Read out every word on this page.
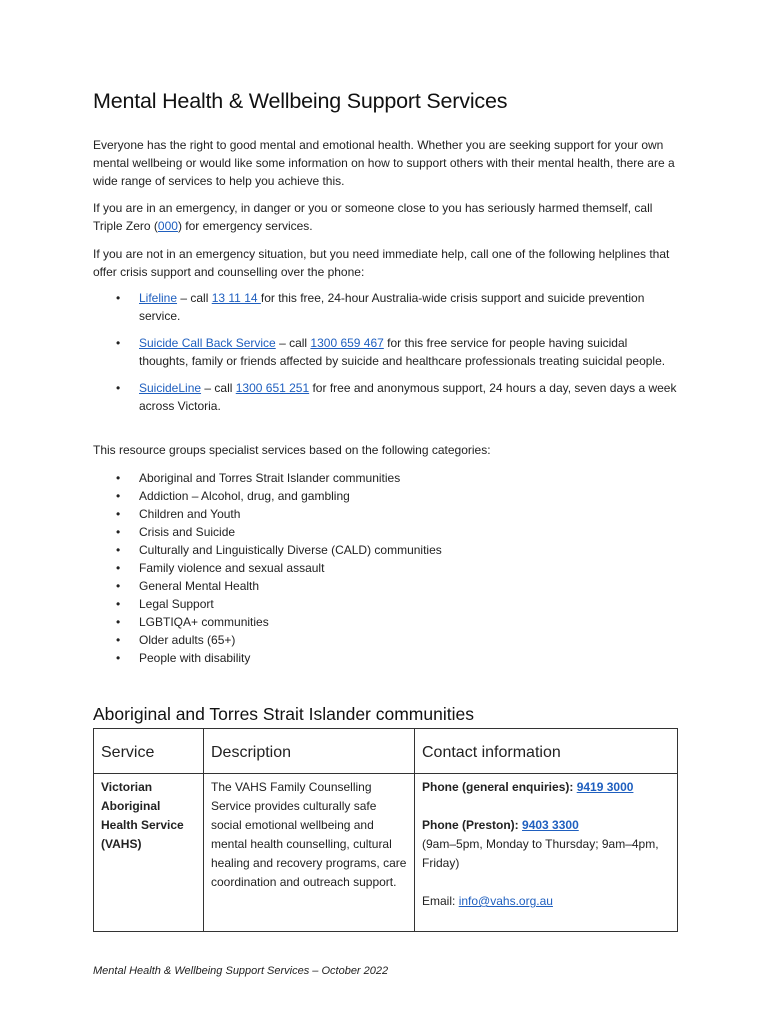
Mental Health & Wellbeing Support Services

Everyone has the right to good mental and emotional health. Whether you are seeking support for your own mental wellbeing or would like some information on how to support others with their mental health, there are a wide range of services to help you achieve this.

If you are in an emergency, in danger or you or someone close to you has seriously harmed themself, call Triple Zero (000) for emergency services.

If you are not in an emergency situation, but you need immediate help, call one of the following helplines that offer crisis support and counselling over the phone:

• Lifeline – call 13 11 14 for this free, 24-hour Australia-wide crisis support and suicide prevention service.
• Suicide Call Back Service – call 1300 659 467 for this free service for people having suicidal thoughts, family or friends affected by suicide and healthcare professionals treating suicidal people.
• SuicideLine – call 1300 651 251 for free and anonymous support, 24 hours a day, seven days a week across Victoria.

This resource groups specialist services based on the following categories:

• Aboriginal and Torres Strait Islander communities
• Addiction – Alcohol, drug, and gambling
• Children and Youth
• Crisis and Suicide
• Culturally and Linguistically Diverse (CALD) communities
• Family violence and sexual assault
• General Mental Health
• Legal Support
• LGBTIQA+ communities
• Older adults (65+)
• People with disability
Aboriginal and Torres Strait Islander communities
Service	Description	Contact information
Victorian Aboriginal Health Service (VAHS)	The VAHS Family Counselling Service provides culturally safe social emotional wellbeing and mental health counselling, cultural healing and recovery programs, care coordination and outreach support.	Phone (general enquiries): 9419 3000
Phone (Preston): 9403 3300
(9am–5pm, Monday to Thursday; 9am–4pm, Friday)
Email: info@vahs.org.au
Mental Health & Wellbeing Support Services – October 2022
